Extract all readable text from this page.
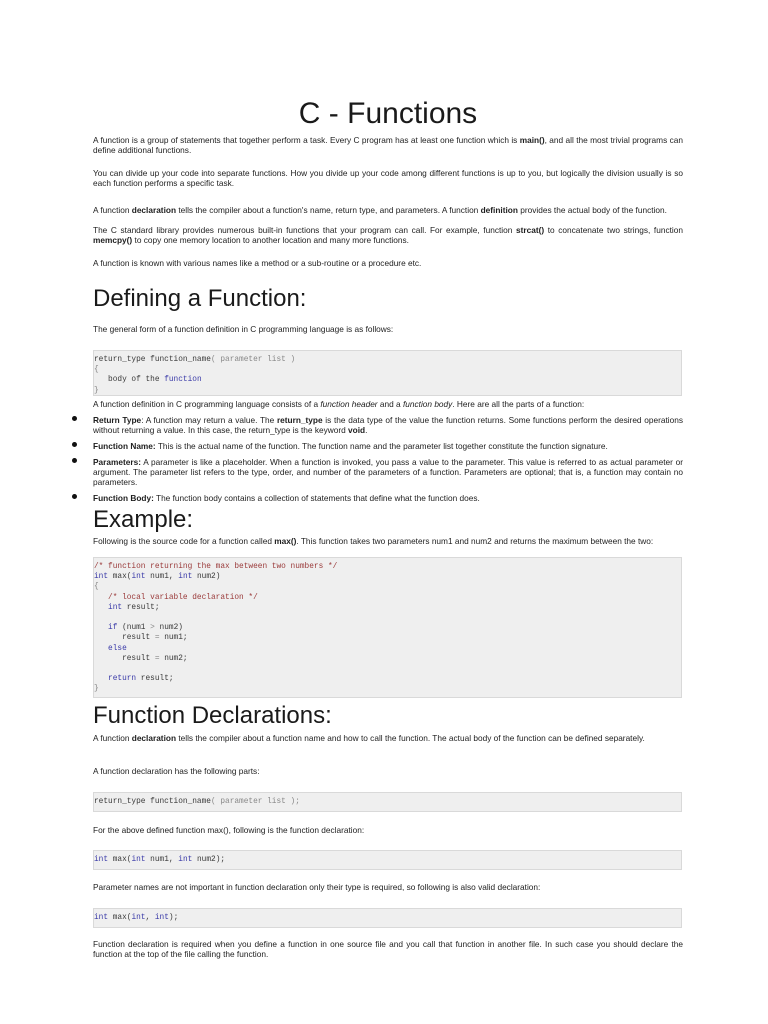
C - Functions

A function is a group of statements that together perform a task. Every C program has at least one function which is main(), and all the most trivial programs can define additional functions.

You can divide up your code into separate functions. How you divide up your code among different functions is up to you, but logically the division usually is so each function performs a specific task.

A function declaration tells the compiler about a function's name, return type, and parameters. A function definition provides the actual body of the function.

The C standard library provides numerous built-in functions that your program can call. For example, function strcat() to concatenate two strings, function memcpy() to copy one memory location to another location and many more functions.

A function is known with various names like a method or a sub-routine or a procedure etc.

Defining a Function:

The general form of a function definition in C programming language is as follows:

return_type function_name( parameter list )
{
body of the function
}

A function definition in C programming language consists of a function header and a function body. Here are all the parts of a function:

Return Type: A function may return a value. The return_type is the data type of the value the function returns. Some functions perform the desired operations without returning a value. In this case, the return_type is the keyword void.
Function Name: This is the actual name of the function. The function name and the parameter list together constitute the function signature.
Parameters: A parameter is like a placeholder. When a function is invoked, you pass a value to the parameter. This value is referred to as actual parameter or argument. The parameter list refers to the type, order, and number of the parameters of a function. Parameters are optional; that is, a function may contain no parameters.
Function Body: The function body contains a collection of statements that define what the function does.
Example:

Following is the source code for a function called max(). This function takes two parameters num1 and num2 and returns the maximum between the two:

/* function returning the max between two numbers */
int max(int num1, int num2)
{
/* local variable declaration */
int result;
if (num1 > num2)
result = num1;
else
result = num2;
return result;
}
Function Declarations:

A function declaration tells the compiler about a function name and how to call the function. The actual body of the function can be defined separately.

A function declaration has the following parts:

return_type function_name( parameter list );

For the above defined function max(), following is the function declaration:

int max(int num1, int num2);

Parameter names are not important in function declaration only their type is required, so following is also valid declaration:

int max(int, int);

Function declaration is required when you define a function in one source file and you call that function in another file. In such case you should declare the function at the top of the file calling the function.
